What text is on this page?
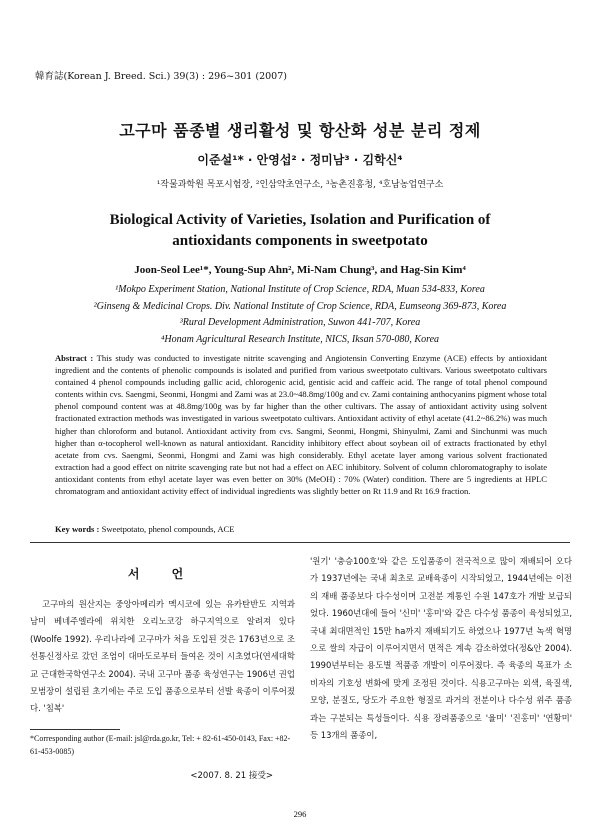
韓育誌(Korean J. Breed. Sci.) 39(3) : 296~301 (2007)
고구마 품종별 생리활성 및 항산화 성분 분리 정제
이준설¹* · 안영섭² · 정미남³ · 김학신⁴
¹작물과학원 목포시험장, ²인삼약초연구소, ³농촌진흥청, ⁴호남농업연구소
Biological Activity of Varieties, Isolation and Purification of
antioxidants components in sweetpotato
Joon-Seol Lee¹*, Young-Sup Ahn², Mi-Nam Chung³, and Hag-Sin Kim⁴
¹Mokpo Experiment Station, National Institute of Crop Science, RDA, Muan 534-833, Korea
²Ginseng & Medicinal Crops. Div. National Institute of Crop Science, RDA, Eumseong 369-873, Korea
³Rural Development Administration, Suwon 441-707, Korea
⁴Honam Agricultural Research Institute, NICS, Iksan 570-080, Korea
Abstract : This study was conducted to investigate nitrite scavenging and Angiotensin Converting Enzyme (ACE) effects by antioxidant ingredient and the contents of phenolic compounds is isolated and purified from various sweetpotato cultivars. Various sweetpotato cultivars contained 4 phenol compounds including gallic acid, chlorogenic acid, gentisic acid and caffeic acid. The range of total phenol compound contents within cvs. Saengmi, Seonmi, Hongmi and Zami was at 23.0~48.8mg/100g and cv. Zami containing anthocyanins pigment whose total phenol compound content was at 48.8mg/100g was by far higher than the other cultivars. The assay of antioxidant activity using solvent fractionated extraction methods was investigated in various sweetpotato cultivars. Antioxidant activity of ethyl acetate (41.2~86.2%) was much higher than chloroform and butanol. Antioxidant activity from cvs. Sangmi, Seonmi, Hongmi, Shinyulmi, Zami and Sinchunmi was much higher than α-tocopherol well-known as natural antioxidant. Rancidity inhibitory effect about soybean oil of extracts fractionated by ethyl acetate from cvs. Saengmi, Seonmi, Hongmi and Zami was high considerably. Ethyl acetate layer among various solvent fractionated extraction had a good effect on nitrite scavenging rate but not had a effect on AEC inhibitory. Solvent of column chloromatography to isolate antioxidant contents from ethyl acetate layer was even better on 30% (MeOH) : 70% (Water) condition. There are 5 ingredients at HPLC chromatogram and antioxidant activity effect of individual ingredients was slightly better on Rt 11.9 and Rt 16.9 fraction.
Key words : Sweetpotato, phenol compounds, ACE
서 언

고구마의 원산지는 중앙아메리카 멕시코에 있는 유카탄반도 지역과 남미 베네주엘라에 위치한 오리노코강 하구지역으로 알려져 있다(Woolfe 1992). 우리나라에 고구마가 처음 도입된 것은 1763년으로 조선통신정사로 갔던 조엄이 대마도로부터 들여온 것이 시초였다(연세대학교 근대한국학연구소 2004). 국내 고구마 품종 육성연구는 1906년 권업모범장이 설립된 초기에는 주로 도입 품종으로부터 선발 육종이 이루어졌다. '침복'

'원기' '충승100호'와 같은 도입품종이 전국적으로 많이 재배되어 오다가 1937년에는 국내 최초로 교배육종이 시작되었고, 1944년에는 이전의 재배 품종보다 다수성이며 고전분 계통인 수원 147호가 개발 보급되었다. 1960년대에 들어 '신미' '홍미'와 같은 다수성 품종이 육성되었고, 국내 최대면적인 15만 ha까지 재배되기도 하였으나 1977년 녹색 혁명으로 쌀의 자급이 이루어지면서 면적은 계속 감소하였다(정&안 2004). 1990년부터는 용도별 적품종 개발이 이루어졌다. 즉 육종의 목표가 소비자의 기호성 변화에 맞게 조정된 것이다. 식용고구마는 외색, 육질색, 모양, 분질도, 당도가 주요한 형질로 과거의 전분이나 다수성 위주 품종과는 구분되는 특성들이다. 식용 장려품종으로 '율미' '진홍미' '연황미' 등 13개의 품종이,

*Corresponding author (E-mail: jsl@rda.go.kr, Tel: + 82-61-450-0143, Fax: +82-61-453-0085)
<2007. 8. 21 接受>
296
